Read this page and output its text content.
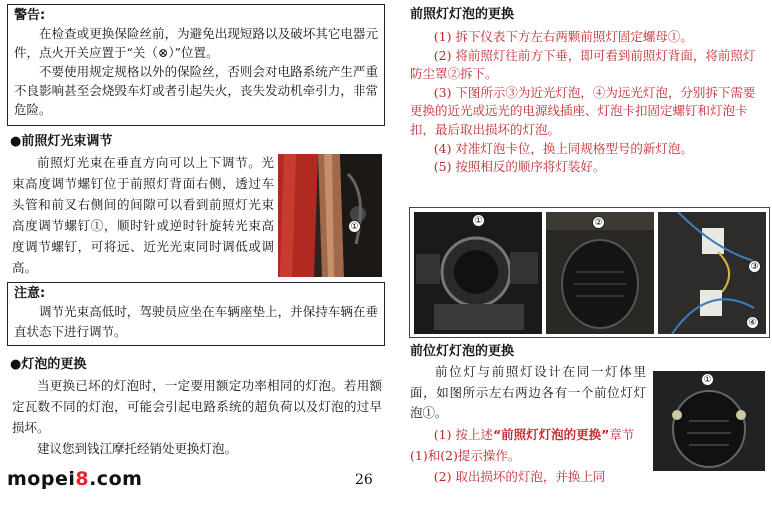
警告:

在检查或更换保险丝前，为避免出现短路以及破坏其它电器元件，点火开关应置于“关（⊗）”位置。

不要使用规定规格以外的保险丝，否则会对电路系统产生严重不良影响甚至会烧毁车灯或者引起失火，丧失发动机牵引力，非常危险。

●前照灯光束调节
前照灯光束在垂直方向可以上下调节。光束高度调节螺钉位于前照灯背面右侧，透过车头管和前叉右侧间的间隙可以看到前照灯光束高度调节螺钉①，顺时针或逆时针旋转光束高度调节螺钉，可将远、近光光束同时调低或调高。
①

注意:

调节光束高低时，驾驶员应坐在车辆座垫上，并保持车辆在垂直状态下进行调节。

●灯泡的更换

当更换已坏的灯泡时，一定要用额定功率相同的灯泡。若用额定瓦数不同的灯泡，可能会引起电路系统的超负荷以及灯泡的过早损坏。

建议您到钱江摩托经销处更换灯泡。

mopei8.com	26
前照灯灯泡的更换

(1) 拆下仪表下方左右两颗前照灯固定螺母①。

(2) 将前照灯往前方下垂，即可看到前照灯背面，将前照灯防尘罩②拆下。

(3) 下图所示③为近光灯泡，④为远光灯泡，分别拆下需要更换的近光或远光的电源线插座、灯泡卡扣固定螺钉和灯泡卡扣，最后取出损坏的灯泡。

(4) 对准灯泡卡位，换上同规格型号的新灯泡。

(5) 按照相反的顺序将灯装好。

①	②
③
④
前位灯灯泡的更换
前位灯与前照灯设计在同一灯体里面，如图所示左右两边各有一个前位灯灯泡①。

(1) 按上述“前照灯灯泡的更换”章节(1)和(2)提示操作。

(2) 取出损坏的灯泡，并换上同

①
